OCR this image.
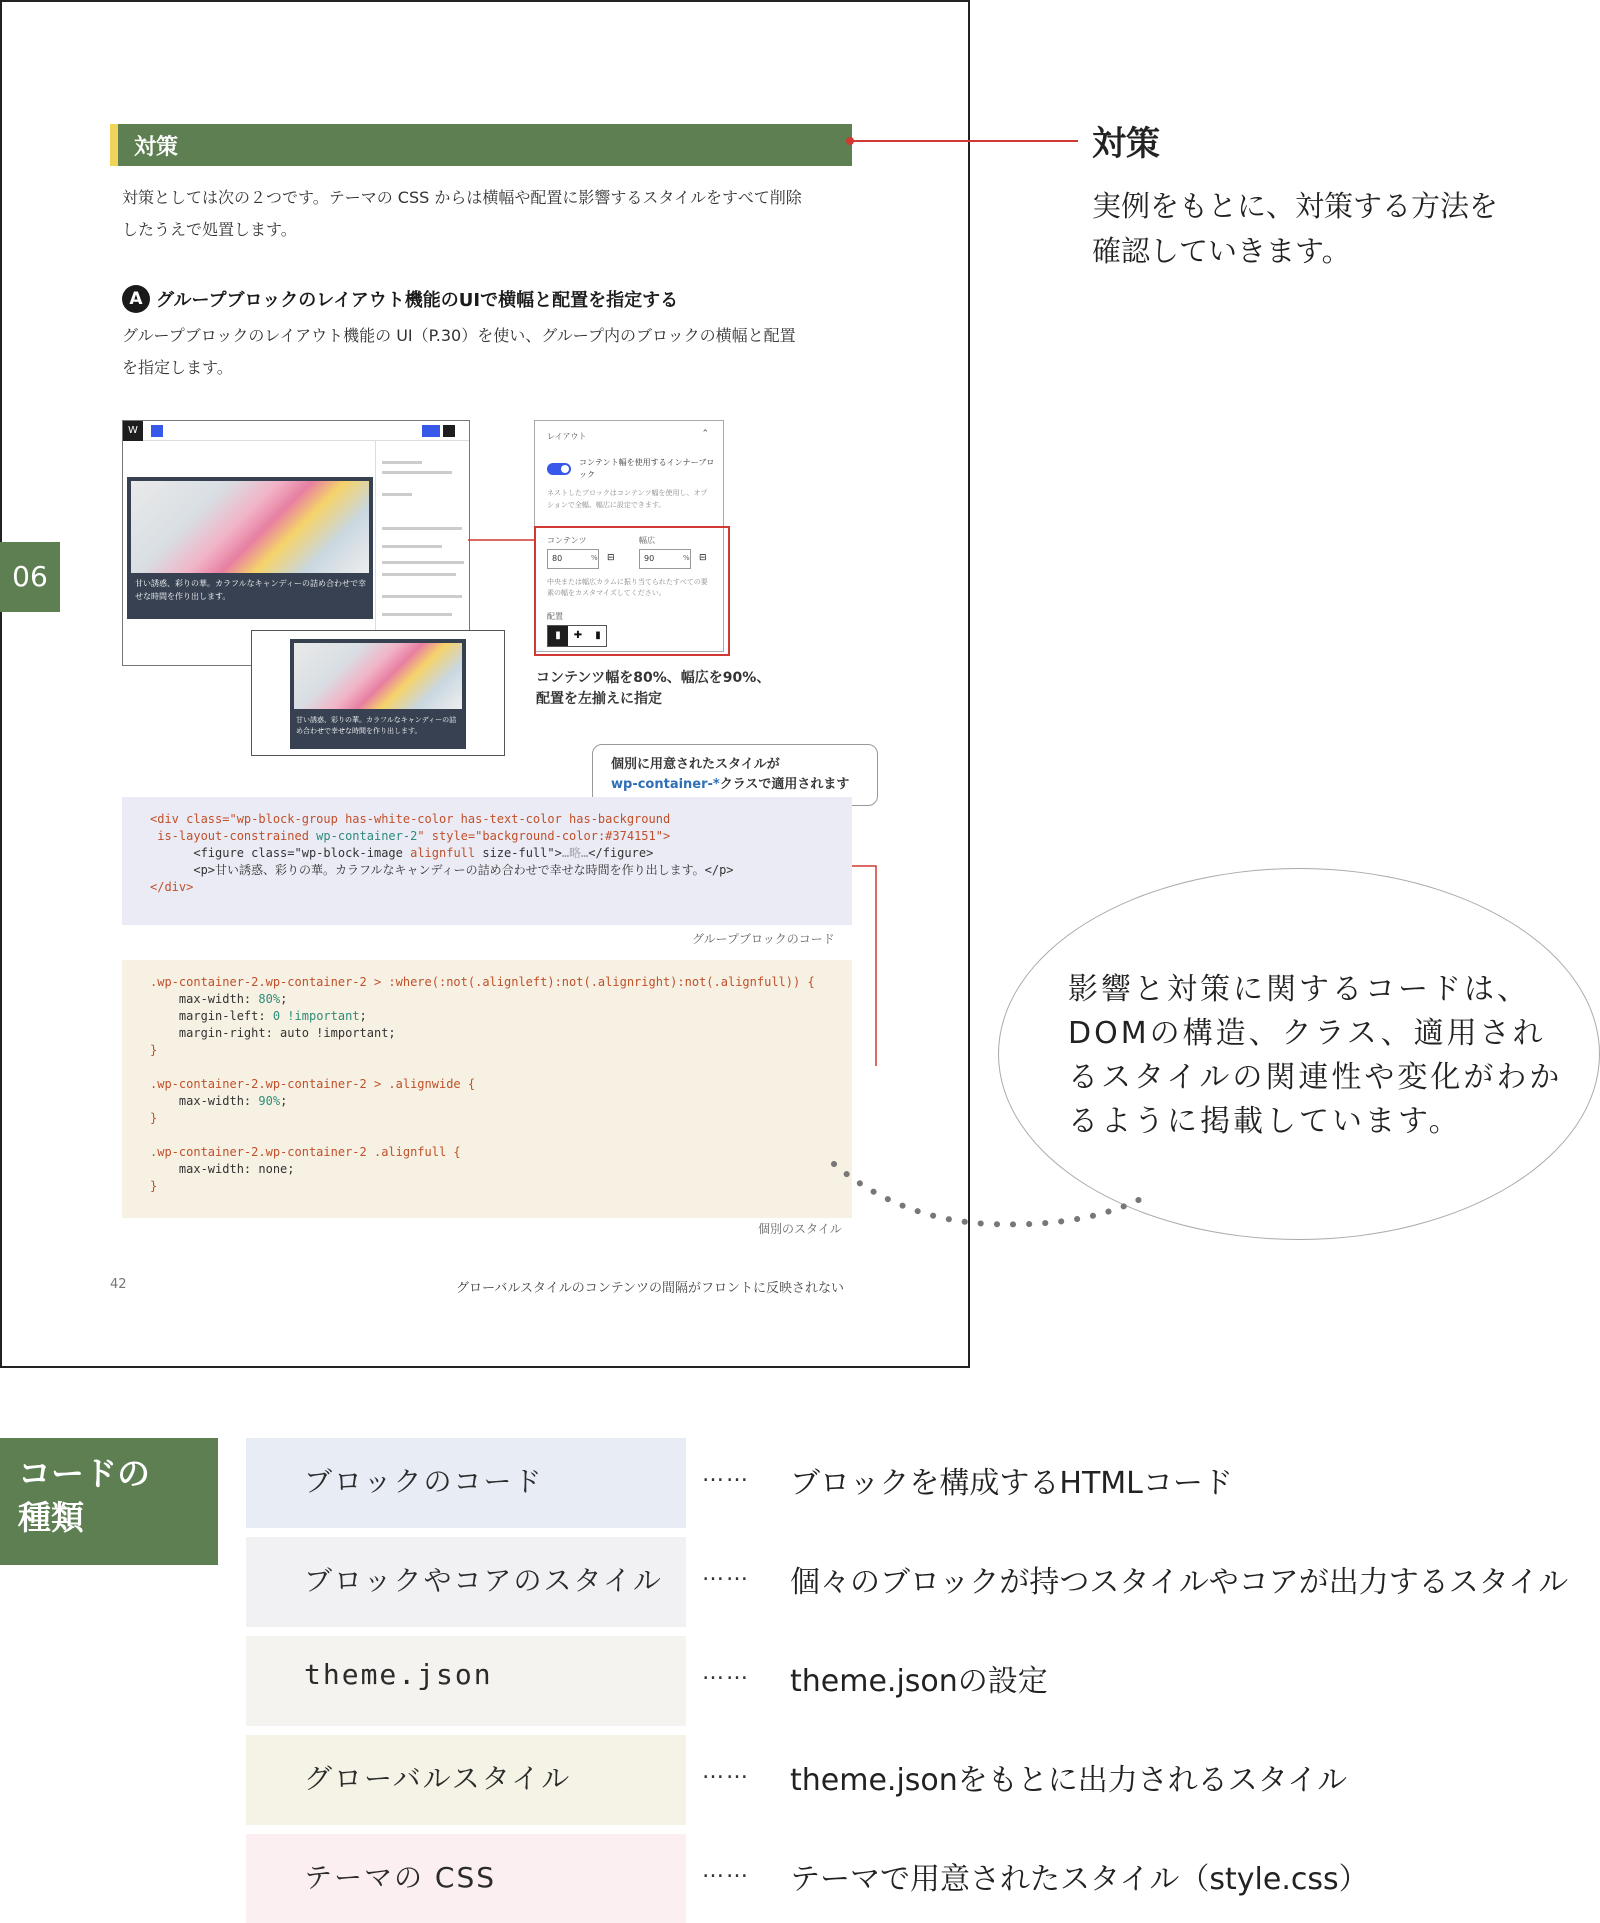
対策
対策としては次の２つです。テーマの CSS からは横幅や配置に影響するスタイルをすべて削除
したうえで処置します。
A グループブロックのレイアウト機能のUIで横幅と配置を指定する
グループブロックのレイアウト機能の UI（P.30）を使い、グループ内のブロックの横幅と配置
を指定します。
W
甘い誘惑、彩りの華。カラフルなキャンディーの詰め合わせで幸せな時間を作り出します。
甘い誘惑、彩りの華。カラフルなキャンディーの詰め合わせで幸せな時間を作り出します。
レイアウト	⌃
コンテント幅を使用するインナーブロック
ネストしたブロックはコンテンツ幅を使用し、オプションで全幅、幅広に設定できます。
コンテンツ	幅広
80	% ⊟	90	% ⊟
中央または幅広カラムに振り当てられたすべての要素の幅をカスタマイズしてください。
配置
▮	✚	▮
コンテンツ幅を80%、幅広を90%、
配置を左揃えに指定
個別に用意されたスタイルが
wp-container-*クラスで適用されます
<div class="wp-block-group has-white-color has-text-color has-background
is-layout-constrained wp-container-2" style="background-color:#374151">
<figure class="wp-block-image alignfull size-full">…略…</figure>
<p>甘い誘惑、彩りの華。カラフルなキャンディーの詰め合わせで幸せな時間を作り出します。</p>
</div>
グループブロックのコード
.wp-container-2.wp-container-2 > :where(:not(.alignleft):not(.alignright):not(.alignfull)) {
max-width: 80%;
margin-left: 0 !important;
margin-right: auto !important;
}

.wp-container-2.wp-container-2 > .alignwide {
max-width: 90%;
}

.wp-container-2.wp-container-2 .alignfull {
max-width: none;
}
個別のスタイル
42	グローバルスタイルのコンテンツの間隔がフロントに反映されない
06
対策
実例をもとに、対策する方法を
確認していきます。
影響と対策に関するコードは、DOMの構造、クラス、適用されるスタイルの関連性や変化がわかるように掲載しています。
コードの
種類
ブロックのコード	…… ブロックを構成するHTMLコード
ブロックやコアのスタイル …… 個々のブロックが持つスタイルやコアが出力するスタイル
theme.json	…… theme.jsonの設定
グローバルスタイル	…… theme.jsonをもとに出力されるスタイル
テーマの CSS	…… テーマで用意されたスタイル（style.css）
